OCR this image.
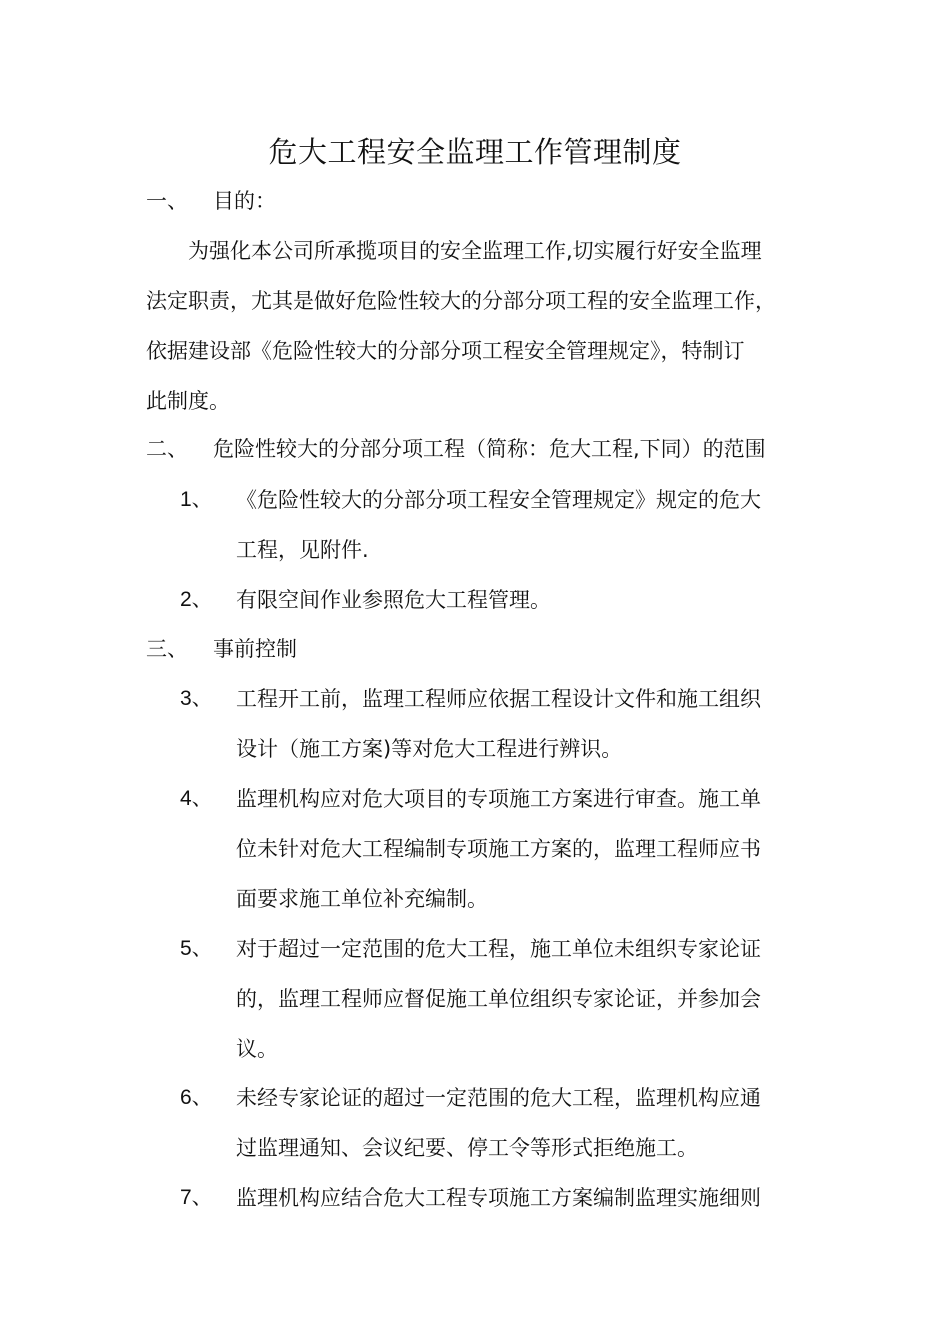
危大工程安全监理工作管理制度
一、 目的：
为强化本公司所承揽项目的安全监理工作,切实履行好安全监理
法定职责，尤其是做好危险性较大的分部分项工程的安全监理工作，
依据建设部《危险性较大的分部分项工程安全管理规定》，特制订
此制度。
二、 危险性较大的分部分项工程（简称：危大工程,下同）的范围
1、 《危险性较大的分部分项工程安全管理规定》规定的危大
工程，见附件.
2、 有限空间作业参照危大工程管理。
三、 事前控制
3、 工程开工前，监理工程师应依据工程设计文件和施工组织
设计（施工方案)等对危大工程进行辨识。
4、 监理机构应对危大项目的专项施工方案进行审查。施工单
位未针对危大工程编制专项施工方案的，监理工程师应书
面要求施工单位补充编制。
5、 对于超过一定范围的危大工程，施工单位未组织专家论证
的，监理工程师应督促施工单位组织专家论证，并参加会
议。
6、 未经专家论证的超过一定范围的危大工程，监理机构应通
过监理通知、会议纪要、停工令等形式拒绝施工。
7、 监理机构应结合危大工程专项施工方案编制监理实施细则
